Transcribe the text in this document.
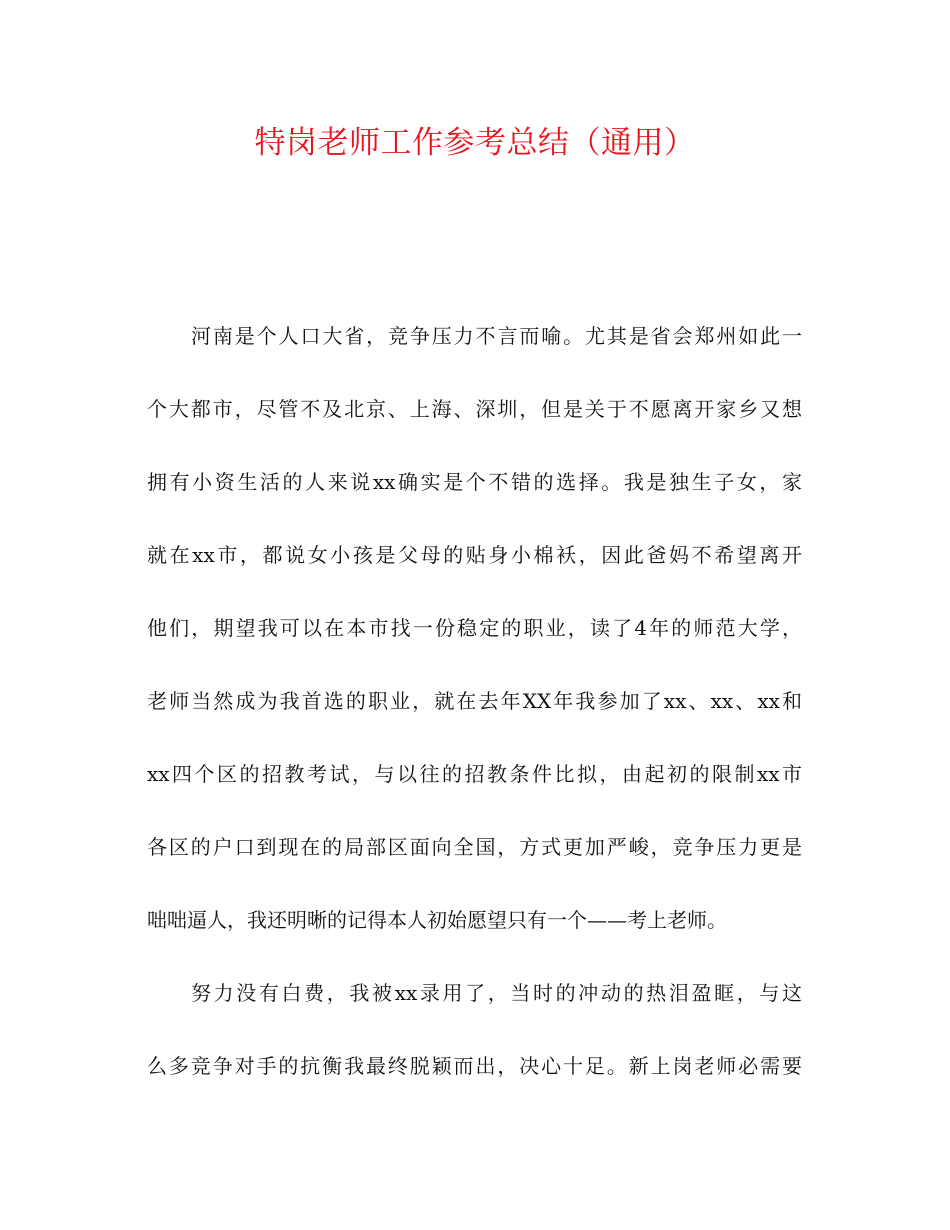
特岗老师工作参考总结（通用）
河南是个人口大省，竞争压力不言而喻。尤其是省会郑州如此一
个大都市，尽管不及北京、上海、深圳，但是关于不愿离开家乡又想
拥有小资生活的人来说xx确实是个不错的选择。我是独生子女，家
就在xx市，都说女小孩是父母的贴身小棉袄，因此爸妈不希望离开
他们，期望我可以在本市找一份稳定的职业，读了4年的师范大学，
老师当然成为我首选的职业，就在去年XX年我参加了xx、xx、xx和
xx四个区的招教考试，与以往的招教条件比拟，由起初的限制xx市
各区的户口到现在的局部区面向全国，方式更加严峻，竞争压力更是
咄咄逼人，我还明晰的记得本人初始愿望只有一个——考上老师。
努力没有白费，我被xx录用了，当时的冲动的热泪盈眶，与这
么多竞争对手的抗衡我最终脱颖而出，决心十足。新上岗老师必需要
